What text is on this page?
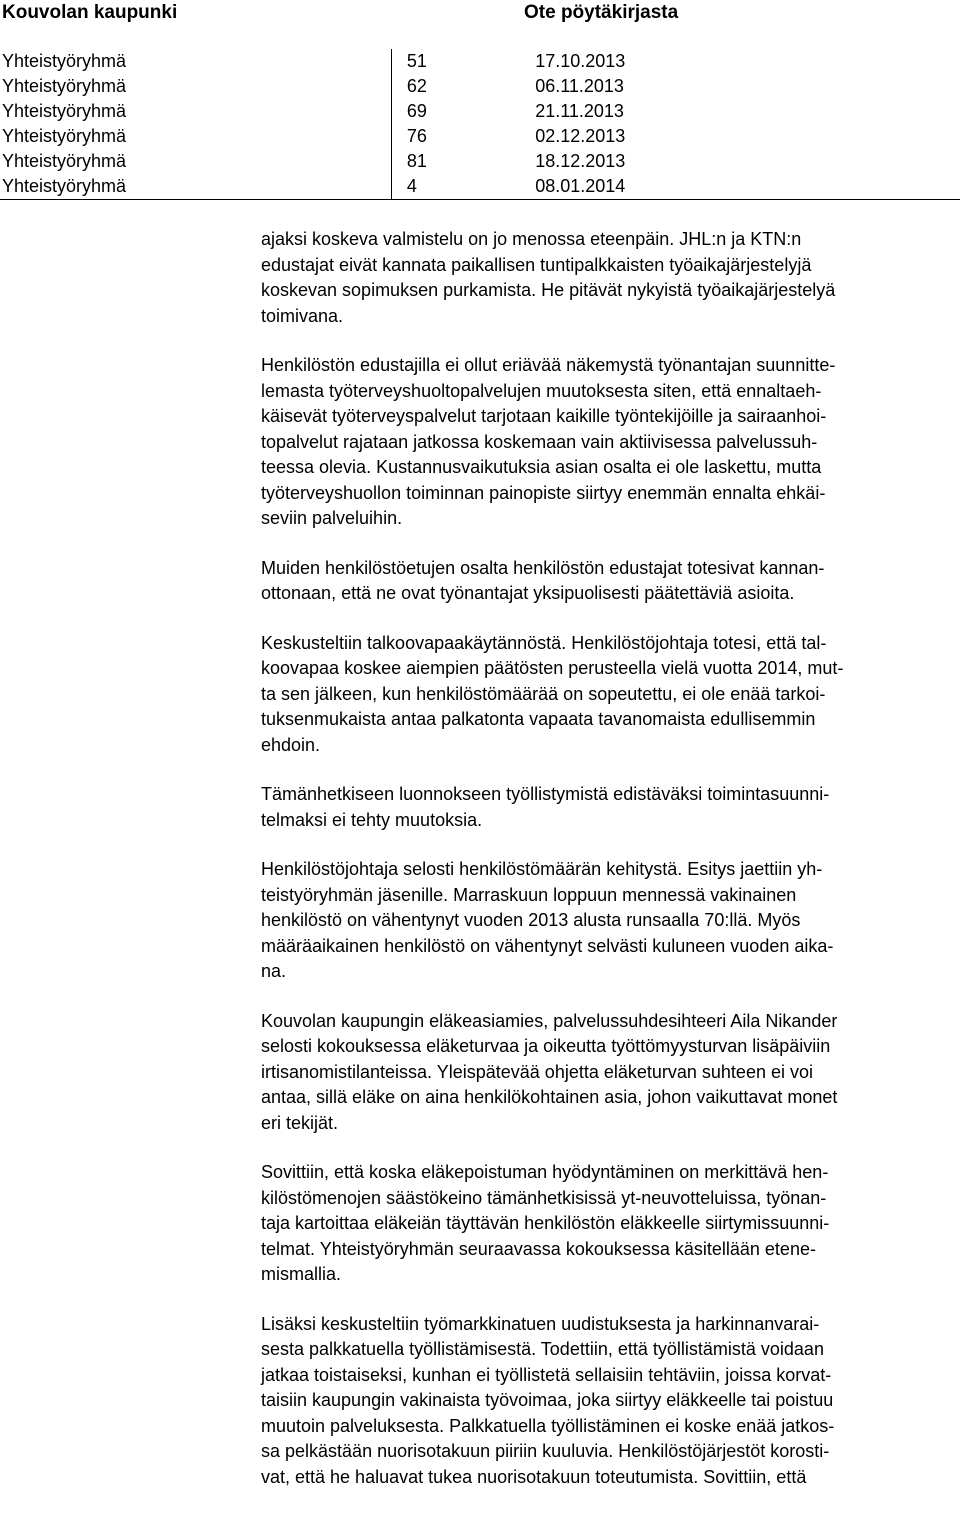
Kouvolan kaupunki	Ote pöytäkirjasta
Yhteistyöryhmä	51	17.10.2013
Yhteistyöryhmä	62	06.11.2013
Yhteistyöryhmä	69	21.11.2013
Yhteistyöryhmä	76	02.12.2013
Yhteistyöryhmä	81	18.12.2013
Yhteistyöryhmä	4	08.01.2014

ajaksi koskeva valmistelu on jo menossa eteenpäin. JHL:n ja KTN:n
edustajat eivät kannata paikallisen tuntipalkkaisten työaikajärjestelyjä
koskevan sopimuksen purkamista. He pitävät nykyistä työaikajärjestelyä
toimivana.

Henkilöstön edustajilla ei ollut eriävää näkemystä työnantajan suunnitte-
lemasta työterveyshuoltopalvelujen muutoksesta siten, että ennaltaeh-
käisevät työterveyspalvelut tarjotaan kaikille työntekijöille ja sairaanhoi-
topalvelut rajataan jatkossa koskemaan vain aktiivisessa palvelussuh-
teessa olevia. Kustannusvaikutuksia asian osalta ei ole laskettu, mutta
työterveyshuollon toiminnan painopiste siirtyy enemmän ennalta ehkäi-
seviin palveluihin.

Muiden henkilöstöetujen osalta henkilöstön edustajat totesivat kannan-
ottonaan, että ne ovat työnantajat yksipuolisesti päätettäviä asioita.

Keskusteltiin talkoovapaakäytännöstä. Henkilöstöjohtaja totesi, että tal-
koovapaa koskee aiempien päätösten perusteella vielä vuotta 2014, mut-
ta sen jälkeen, kun henkilöstömäärää on sopeutettu, ei ole enää tarkoi-
tuksenmukaista antaa palkatonta vapaata tavanomaista edullisemmin
ehdoin.

Tämänhetkiseen luonnokseen työllistymistä edistäväksi toimintasuunni-
telmaksi ei tehty muutoksia.

Henkilöstöjohtaja selosti henkilöstömäärän kehitystä. Esitys jaettiin yh-
teistyöryhmän jäsenille. Marraskuun loppuun mennessä vakinainen
henkilöstö on vähentynyt vuoden 2013 alusta runsaalla 70:llä. Myös
määräaikainen henkilöstö on vähentynyt selvästi kuluneen vuoden aika-
na.

Kouvolan kaupungin eläkeasiamies, palvelussuhdesihteeri Aila Nikander
selosti kokouksessa eläketurvaa ja oikeutta työttömyysturvan lisäpäiviin
irtisanomistilanteissa. Yleispätevää ohjetta eläketurvan suhteen ei voi
antaa, sillä eläke on aina henkilökohtainen asia, johon vaikuttavat monet
eri tekijät.

Sovittiin, että koska eläkepoistuman hyödyntäminen on merkittävä hen-
kilöstömenojen säästökeino tämänhetkisissä yt-neuvotteluissa, työnan-
taja kartoittaa eläkeiän täyttävän henkilöstön eläkkeelle siirtymissuunni-
telmat. Yhteistyöryhmän seuraavassa kokouksessa käsitellään etene-
mismallia.

Lisäksi keskusteltiin työmarkkinatuen uudistuksesta ja harkinnanvarai-
sesta palkkatuella työllistämisestä. Todettiin, että työllistämistä voidaan
jatkaa toistaiseksi, kunhan ei työllistetä sellaisiin tehtäviin, joissa korvat-
taisiin kaupungin vakinaista työvoimaa, joka siirtyy eläkkeelle tai poistuu
muutoin palveluksesta. Palkkatuella työllistäminen ei koske enää jatkos-
sa pelkästään nuorisotakuun piiriin kuuluvia. Henkilöstöjärjestöt korosti-
vat, että he haluavat tukea nuorisotakuun toteutumista. Sovittiin, että
